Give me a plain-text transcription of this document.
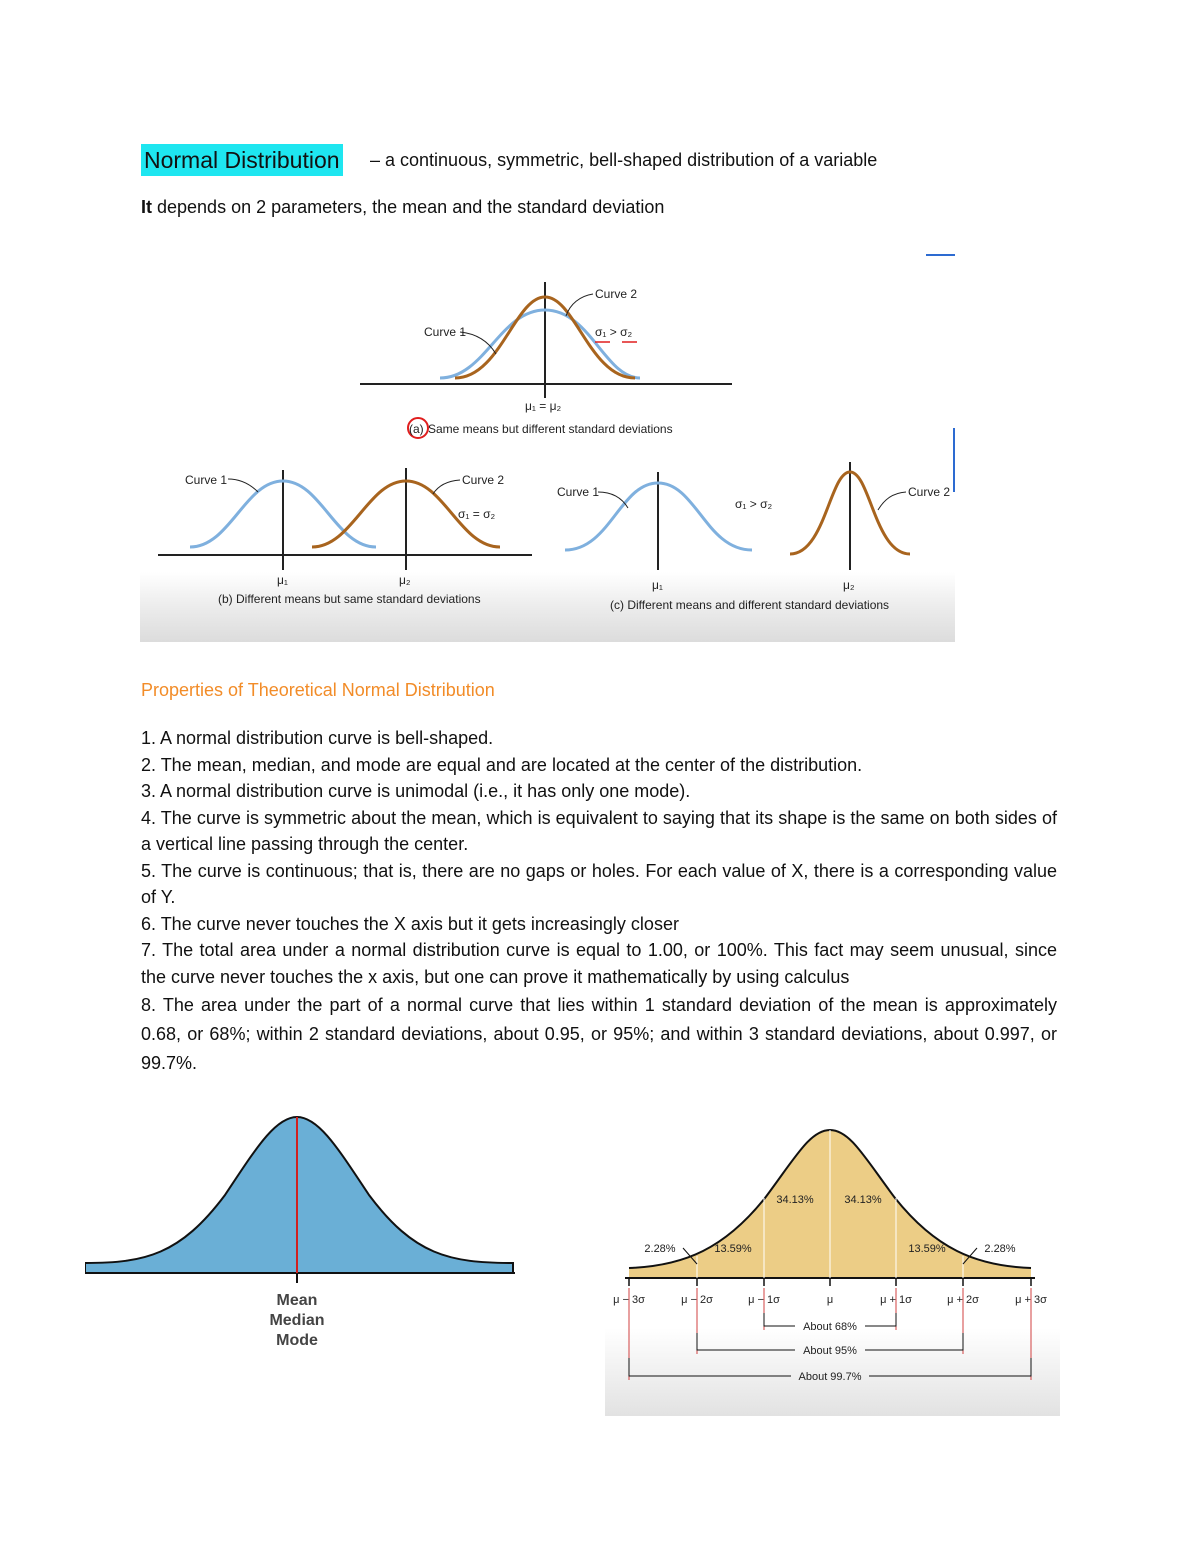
Normal Distribution – a continuous, symmetric, bell-shaped distribution of a variable
It depends on 2 parameters, the mean and the standard deviation
Curve 1
Curve 2
σ₁ > σ₂
μ₁ = μ₂
(a) Same means but different standard deviations
Curve 1	Curve 2
σ₁ = σ₂
μ₁	μ₂
(b) Different means but same standard deviations
Curve 1	Curve 2
σ₁ > σ₂
μ₁	μ₂
(c) Different means and different standard deviations
Properties of Theoretical Normal Distribution

1. A normal distribution curve is bell-shaped.

2. The mean, median, and mode are equal and are located at the center of the distribution.

3. A normal distribution curve is unimodal (i.e., it has only one mode).

4. The curve is symmetric about the mean, which is equivalent to saying that its shape is the same on both sides of a vertical line passing through the center.

5. The curve is continuous; that is, there are no gaps or holes. For each value of X, there is a corresponding value of Y.

6. The curve never touches the X axis but it gets increasingly closer

7. The total area under a normal distribution curve is equal to 1.00, or 100%. This fact may seem unusual, since the curve never touches the x axis, but one can prove it mathematically by using calculus

8. The area under the part of a normal curve that lies within 1 standard deviation of the mean is approximately 0.68, or 68%; within 2 standard deviations, about 0.95, or 95%; and within 3 standard deviations, about 0.997, or 99.7%.

Mean
Median
Mode
34.13%	34.13%
13.59%	13.59%
2.28%	2.28%
μ − 3σ	μ − 2σ	μ − 1σ	μ	μ + 1σ	μ + 2σ	μ + 3σ
About 68%
About 95%
About 99.7%
